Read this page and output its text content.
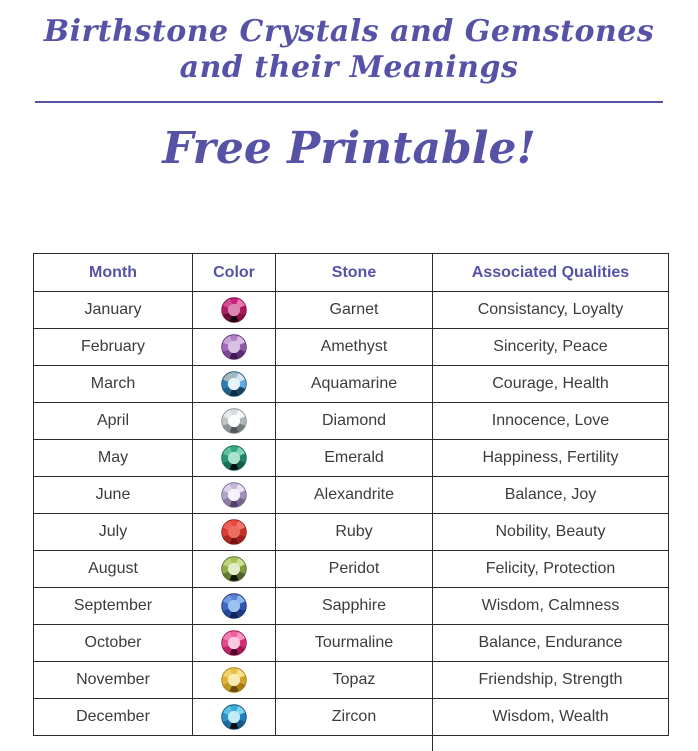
Birthstone Crystals and Gemstones and their Meanings
Free Printable!
Month	Color	Stone	Associated Qualities
January		Garnet	Consistancy, Loyalty
February		Amethyst	Sincerity, Peace
March		Aquamarine	Courage, Health
April		Diamond	Innocence, Love
May		Emerald	Happiness, Fertility
June		Alexandrite	Balance, Joy
July		Ruby	Nobility, Beauty
August		Peridot	Felicity, Protection
September		Sapphire	Wisdom, Calmness
October		Tourmaline	Balance, Endurance
November		Topaz	Friendship, Strength
December		Zircon	Wisdom, Wealth
